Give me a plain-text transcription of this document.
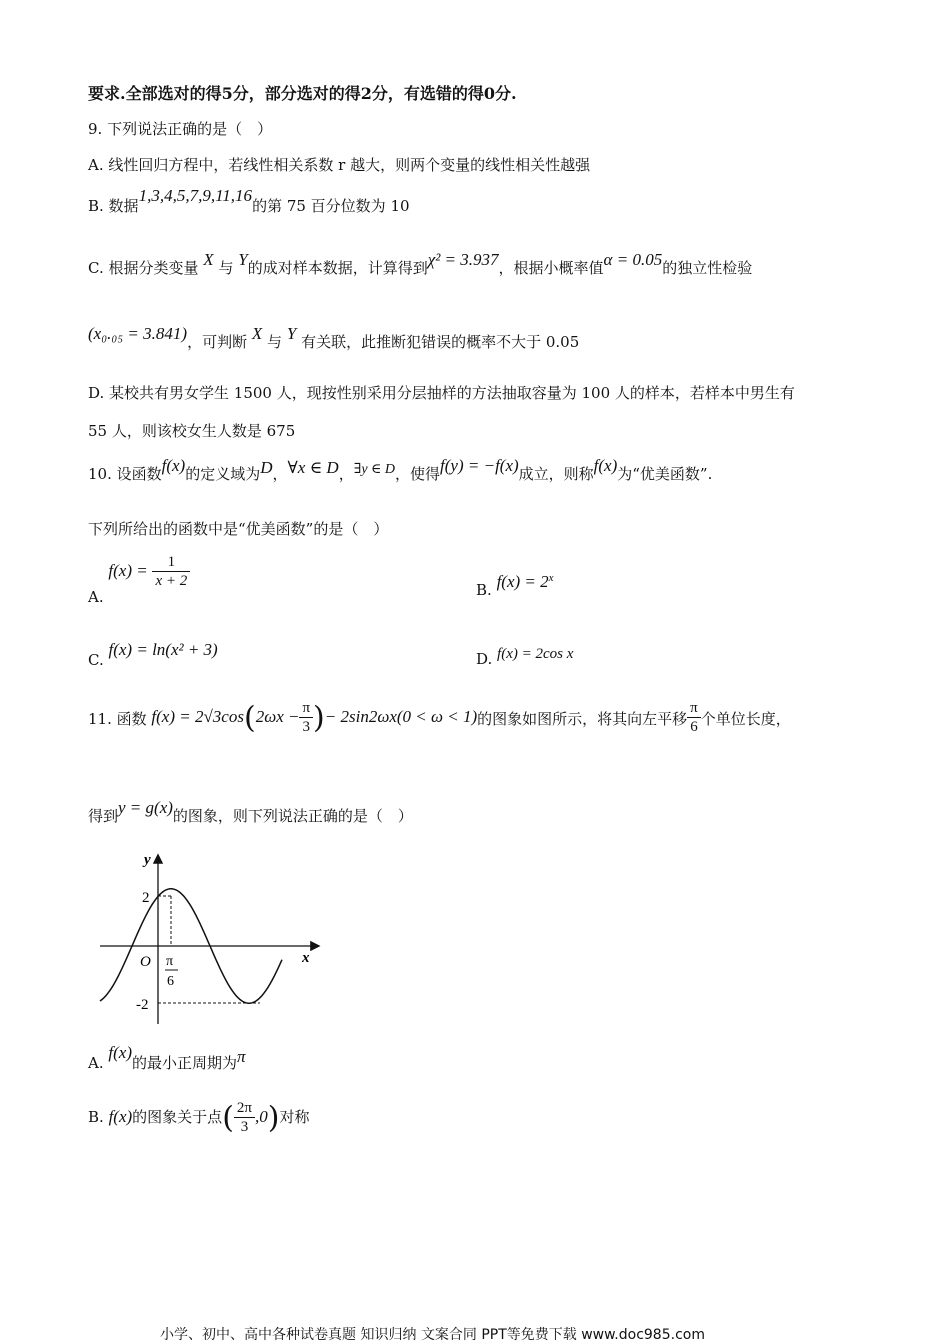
要求.全部选对的得5分，部分选对的得2分，有选错的得0分.
9. 下列说法正确的是（　）
A. 线性回归方程中，若线性相关系数 r 越大，则两个变量的线性相关性越强
B. 数据1,3,4,5,7,9,11,16的第 75 百分位数为 10
C. 根据分类变量 X 与 Y的成对样本数据，计算得到χ² = 3.937，根据小概率值α = 0.05的独立性检验
(x₀.₀₅ = 3.841)，可判断 X 与 Y 有关联，此推断犯错误的概率不大于 0.05
D. 某校共有男女学生 1500 人，现按性别采用分层抽样的方法抽取容量为 100 人的样本，若样本中男生有
55 人，则该校女生人数是 675
10. 设函数f(x)的定义域为D，∀x ∈ D，∃y ∈ D，使得f(y) = −f(x)成立，则称f(x)为“优美函数”.
下列所给出的函数中是“优美函数”的是（　）
A. $f(x) = \frac{1}{x + 2}$
B. $f(x) = 2^x$
C. f(x) = ln(x² + 3)	D. f(x) = 2cos x
11. 函数 $f(x) = 2√3\cos(2\omega x - \frac{\pi}{3}$ )− 2sin2ωx(0 < ω < 1)的图象如图所示，将其向左平移 $\frac{\pi}{6}$ 个单位长度，
得到y = g(x)的图象，则下列说法正确的是（　）
y
x
O
2
-2
π
6
A. f(x)的最小正周期为π
B. f(x)的图象关于点( $\frac{2\pi}{3} ,0$)对称
小学、初中、高中各种试卷真题 知识归纳 文案合同 PPT等免费下载 www.doc985.com
